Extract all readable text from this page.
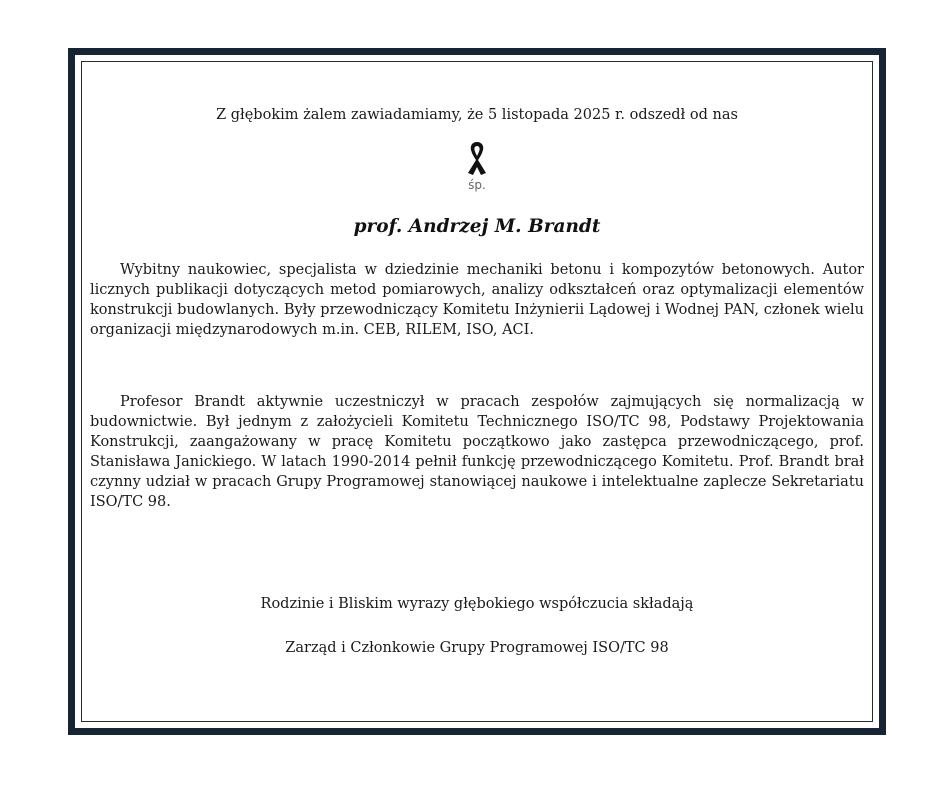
Z głębokim żalem zawiadamiamy, że 5 listopada 2025 r. odszedł od nas
śp.
prof. Andrzej M. Brandt

Wybitny naukowiec, specjalista w dziedzinie mechaniki betonu i kompozytów betonowych. Autor licznych publikacji dotyczących metod pomiarowych, analizy odkształceń oraz optymalizacji elementów konstrukcji budowlanych. Były przewodniczący Komitetu Inżynierii Lądowej i Wodnej PAN, członek wielu organizacji międzynarodowych m.in. CEB, RILEM, ISO, ACI.

Profesor Brandt aktywnie uczestniczył w pracach zespołów zajmujących się normalizacją w budownictwie. Był jednym z założycieli Komitetu Technicznego ISO/TC 98, Podstawy Projektowania Konstrukcji, zaangażowany w pracę Komitetu początkowo jako zastępca przewodniczącego, prof. Stanisława Janickiego. W latach 1990-2014 pełnił funkcję przewodniczącego Komitetu. Prof. Brandt brał czynny udział w pracach Grupy Programowej stanowiącej naukowe i intelektualne zaplecze Sekretariatu ISO/TC 98.

Rodzinie i Bliskim wyrazy głębokiego współczucia składają
Zarząd i Członkowie Grupy Programowej ISO/TC 98
